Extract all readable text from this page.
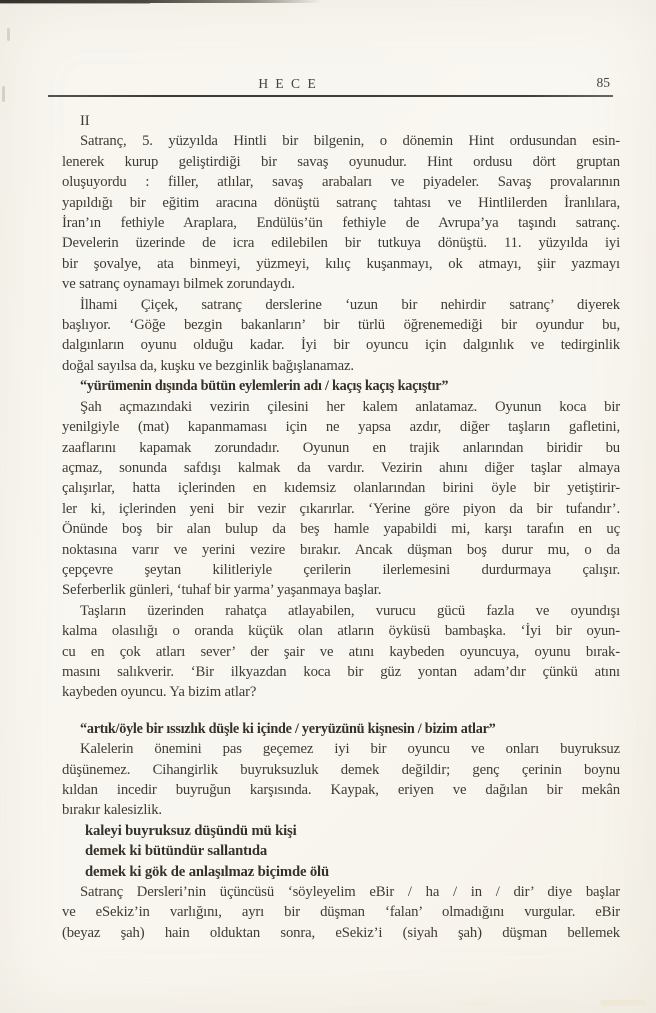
H E C E	85
II
Satranç, 5. yüzyılda Hintli bir bilgenin, o dönemin Hint ordusundan esin-
lenerek kurup geliştirdiği bir savaş oyunudur. Hint ordusu dört gruptan
oluşuyordu : filler, atlılar, savaş arabaları ve piyadeler. Savaş provalarının
yapıldığı bir eğitim aracına dönüştü satranç tahtası ve Hintlilerden İranlılara,
İran’ın fethiyle Araplara, Endülüs’ün fethiyle de Avrupa’ya taşındı satranç.
Develerin üzerinde de icra edilebilen bir tutkuya dönüştü. 11. yüzyılda iyi
bir şovalye, ata binmeyi, yüzmeyi, kılıç kuşanmayı, ok atmayı, şiir yazmayı
ve satranç oynamayı bilmek zorundaydı.
İlhami Çiçek, satranç derslerine ‘uzun bir nehirdir satranç’ diyerek
başlıyor. ‘Göğe bezgin bakanların’ bir türlü öğrenemediği bir oyundur bu,
dalgınların oyunu olduğu kadar. İyi bir oyuncu için dalgınlık ve tedirginlik
doğal sayılsa da, kuşku ve bezginlik bağışlanamaz.
“yürümenin dışında bütün eylemlerin adı / kaçış kaçış kaçıştır”
Şah açmazındaki vezirin çilesini her kalem anlatamaz. Oyunun koca bir
yenilgiyle (mat) kapanmaması için ne yapsa azdır, diğer taşların gafletini,
zaaflarını kapamak zorundadır. Oyunun en trajik anlarından biridir bu
açmaz, sonunda safdışı kalmak da vardır. Vezirin ahını diğer taşlar almaya
çalışırlar, hatta içlerinden en kıdemsiz olanlarından birini öyle bir yetiştirir-
ler ki, içlerinden yeni bir vezir çıkarırlar. ‘Yerine göre piyon da bir tufandır’.
Önünde boş bir alan bulup da beş hamle yapabildi mi, karşı tarafın en uç
noktasına varır ve yerini vezire bırakır. Ancak düşman boş durur mu, o da
çepçevre şeytan kilitleriyle çerilerin ilerlemesini durdurmaya çalışır.
Seferberlik günleri, ‘tuhaf bir yarma’ yaşanmaya başlar.
Taşların üzerinden rahatça atlayabilen, vurucu gücü fazla ve oyundışı
kalma olasılığı o oranda küçük olan atların öyküsü bambaşka. ‘İyi bir oyun-
cu en çok atları sever’ der şair ve atını kaybeden oyuncuya, oyunu bırak-
masını salıkverir. ‘Bir ilkyazdan koca bir güz yontan adam’dır çünkü atını
kaybeden oyuncu. Ya bizim atlar?
“artık/öyle bir ıssızlık düşle ki içinde / yeryüzünü kişnesin / bizim atlar”
Kalelerin önemini pas geçemez iyi bir oyuncu ve onları buyruksuz
düşünemez. Cihangirlik buyruksuzluk demek değildir; genç çerinin boynu
kıldan incedir buyruğun karşısında. Kaypak, eriyen ve dağılan bir mekân
bırakır kalesizlik.
kaleyi buyruksuz düşündü mü kişi
demek ki bütündür sallantıda
demek ki gök de anlaşılmaz biçimde ölü
Satranç Dersleri’nin üçüncüsü ‘söyleyelim eBir / ha / in / dir’ diye başlar
ve eSekiz’in varlığını, ayrı bir düşman ‘falan’ olmadığını vurgular. eBir
(beyaz şah) hain olduktan sonra, eSekiz’i (siyah şah) düşman bellemek
